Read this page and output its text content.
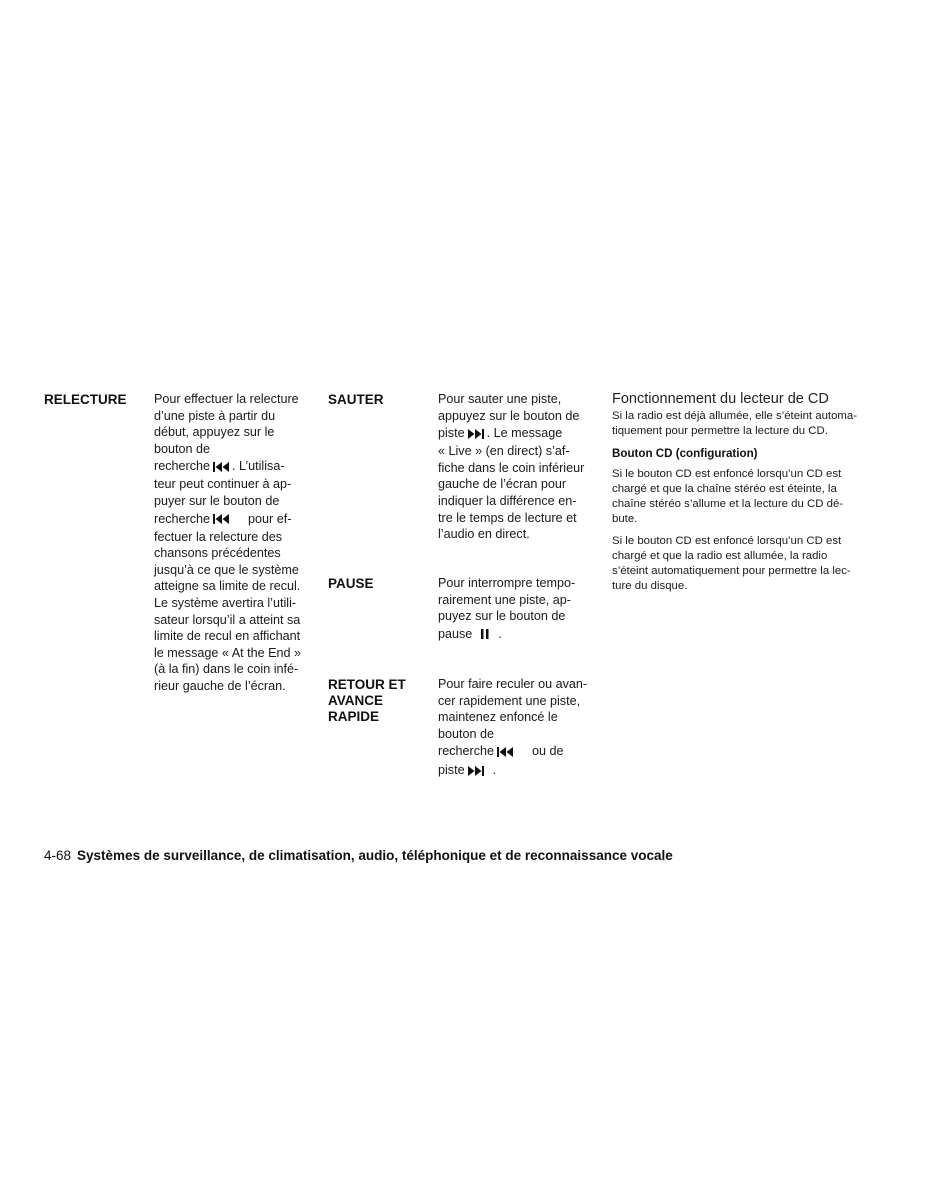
RELECTURE Pour effectuer la relecture
d’une piste à partir du
début, appuyez sur le
bouton de
recherche . L’utilisa-
teur peut continuer à ap-
puyer sur le bouton de
recherche	pour ef-
fectuer la relecture des
chansons précédentes
jusqu’à ce que le système
atteigne sa limite de recul.
Le système avertira l’utili-
sateur lorsqu’il a atteint sa
limite de recul en affichant
le message « At the End »
(à la fin) dans le coin infé-
rieur gauche de l’écran.
SAUTER	Pour sauter une piste,
appuyez sur le bouton de
piste . Le message
« Live » (en direct) s’af-
fiche dans le coin inférieur
gauche de l’écran pour
indiquer la différence en-
tre le temps de lecture et
l’audio en direct.
PAUSE	Pour interrompre tempo-
rairement une piste, ap-
puyez sur le bouton de
pause .
RETOUR ET
AVANCE
RAPIDE
Pour faire reculer ou avan-
cer rapidement une piste,
maintenez enfoncé le
bouton de
recherche	ou de
piste .
Fonctionnement du lecteur de CD

Si la radio est déjà allumée, elle s’éteint automa-
tiquement pour permettre la lecture du CD.

Bouton CD (configuration)

Si le bouton CD est enfoncé lorsqu’un CD est
chargé et que la chaîne stéréo est éteinte, la
chaîne stéréo s’allume et la lecture du CD dé-
bute.

Si le bouton CD est enfoncé lorsqu’un CD est
chargé et que la radio est allumée, la radio
s’éteint automatiquement pour permettre la lec-
ture du disque.

4-68 Systèmes de surveillance, de climatisation, audio, téléphonique et de reconnaissance vocale
